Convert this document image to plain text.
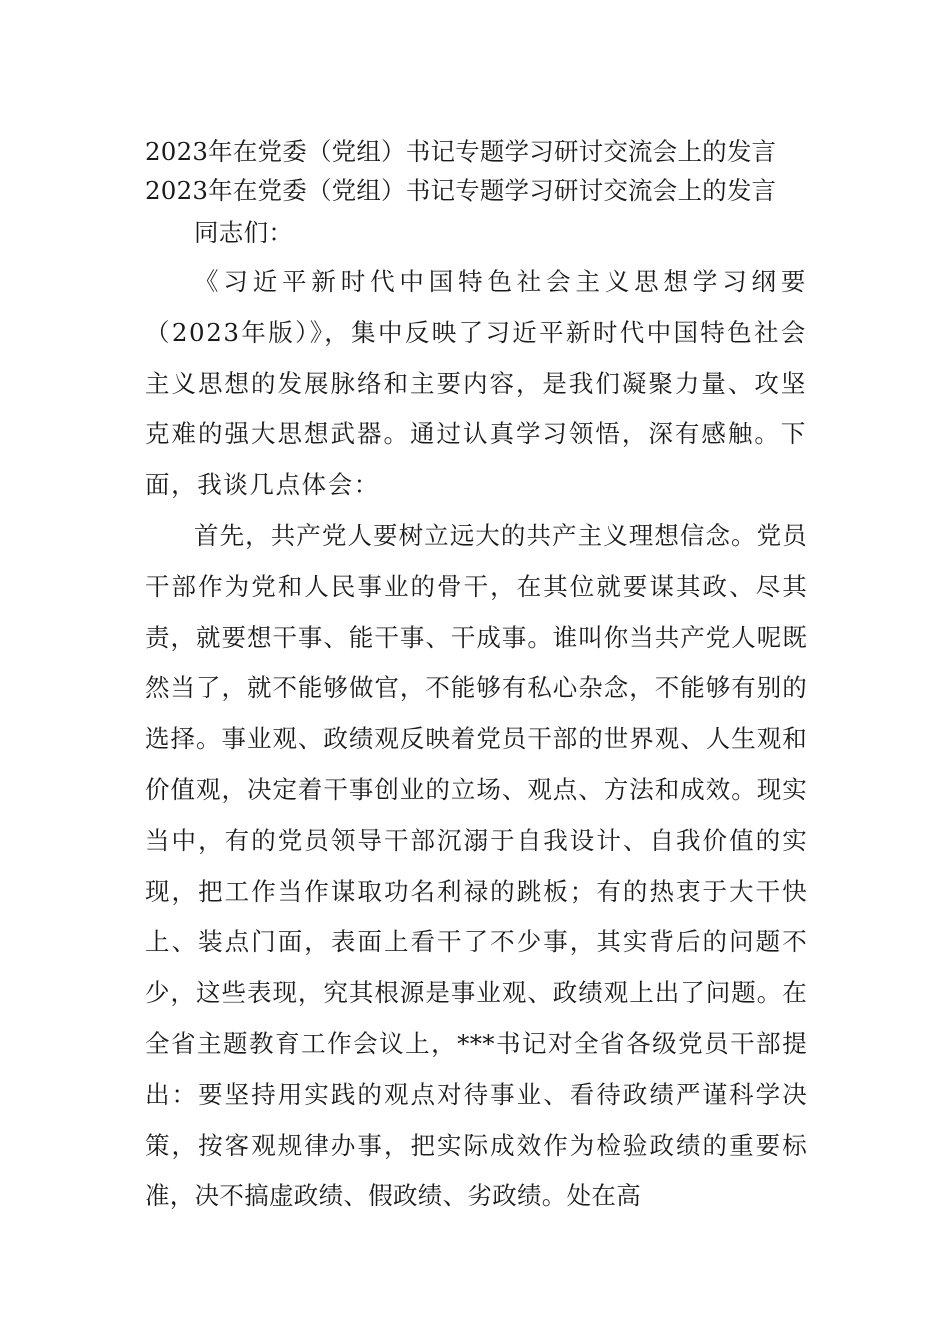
2023年在党委（党组）书记专题学习研讨交流会上的发言
2023年在党委（党组）书记专题学习研讨交流会上的发言

同志们：

《习近平新时代中国特色社会主义思想学习纲要（2023年版）》，集中反映了习近平新时代中国特色社会主义思想的发展脉络和主要内容，是我们凝聚力量、攻坚克难的强大思想武器。通过认真学习领悟，深有感触。下面，我谈几点体会：

首先，共产党人要树立远大的共产主义理想信念。党员干部作为党和人民事业的骨干，在其位就要谋其政、尽其责，就要想干事、能干事、干成事。谁叫你当共产党人呢既然当了，就不能够做官，不能够有私心杂念，不能够有别的选择。事业观、政绩观反映着党员干部的世界观、人生观和价值观，决定着干事创业的立场、观点、方法和成效。现实当中，有的党员领导干部沉溺于自我设计、自我价值的实现，把工作当作谋取功名利禄的跳板；有的热衷于大干快上、装点门面，表面上看干了不少事，其实背后的问题不少，这些表现，究其根源是事业观、政绩观上出了问题。在全省主题教育工作会议上，***书记对全省各级党员干部提出：要坚持用实践的观点对待事业、看待政绩严谨科学决策，按客观规律办事，把实际成效作为检验政绩的重要标准，决不搞虚政绩、假政绩、劣政绩。处在高
